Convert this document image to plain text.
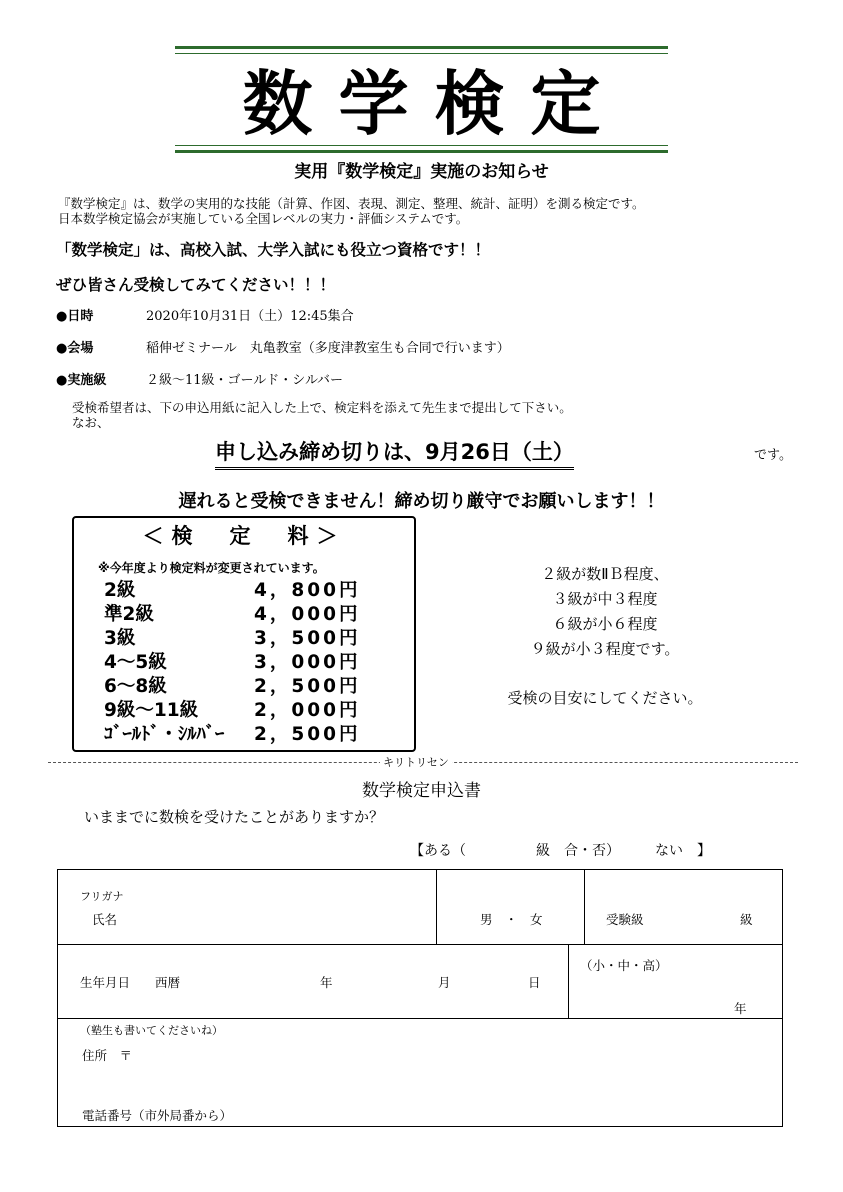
数学検定
実用『数学検定』実施のお知らせ
『数学検定』は、数学の実用的な技能（計算、作図、表現、測定、整理、統計、証明）を測る検定です。
日本数学検定協会が実施している全国レベルの実力・評価システムです。
「数学検定」は、高校入試、大学入試にも役立つ資格です！！
ぜひ皆さん受検してみてください！！！
●日時	2020年10月31日（土）12:45集合
●会場	稲伸ゼミナール　丸亀教室（多度津教室生も合同で行います）
●実施級	２級～11級・ゴールド・シルバー
受検希望者は、下の申込用紙に記入した上で、検定料を添えて先生まで提出して下さい。
なお、
申し込み締め切りは、9月26日（土）	です。
遅れると受検できません！締め切り厳守でお願いします！！
＜検　定　料＞
※今年度より検定料が変更されています。
2級	4，800円
準2級	4，000円
3級	3，500円
4～5級	3，000円
6～8級	2，500円
9級～11級	2，000円
ｺﾞｰﾙﾄﾞ・ｼﾙﾊﾞｰ 2，500円
２級が数ⅡＢ程度、
３級が中３程度
６級が小６程度
９級が小３程度です。
受検の目安にしてください。
キリトリセン
数学検定申込書
いままでに数検を受けたことがありますか？
【ある（　　　　　級　合・否）　　　ない　】
フリガナ
氏名	男　・　女	受験級	級
生年月日　　西暦	年	月	日
（小・中・高）
年
（塾生も書いてくださいね）
住所　〒
電話番号（市外局番から）
